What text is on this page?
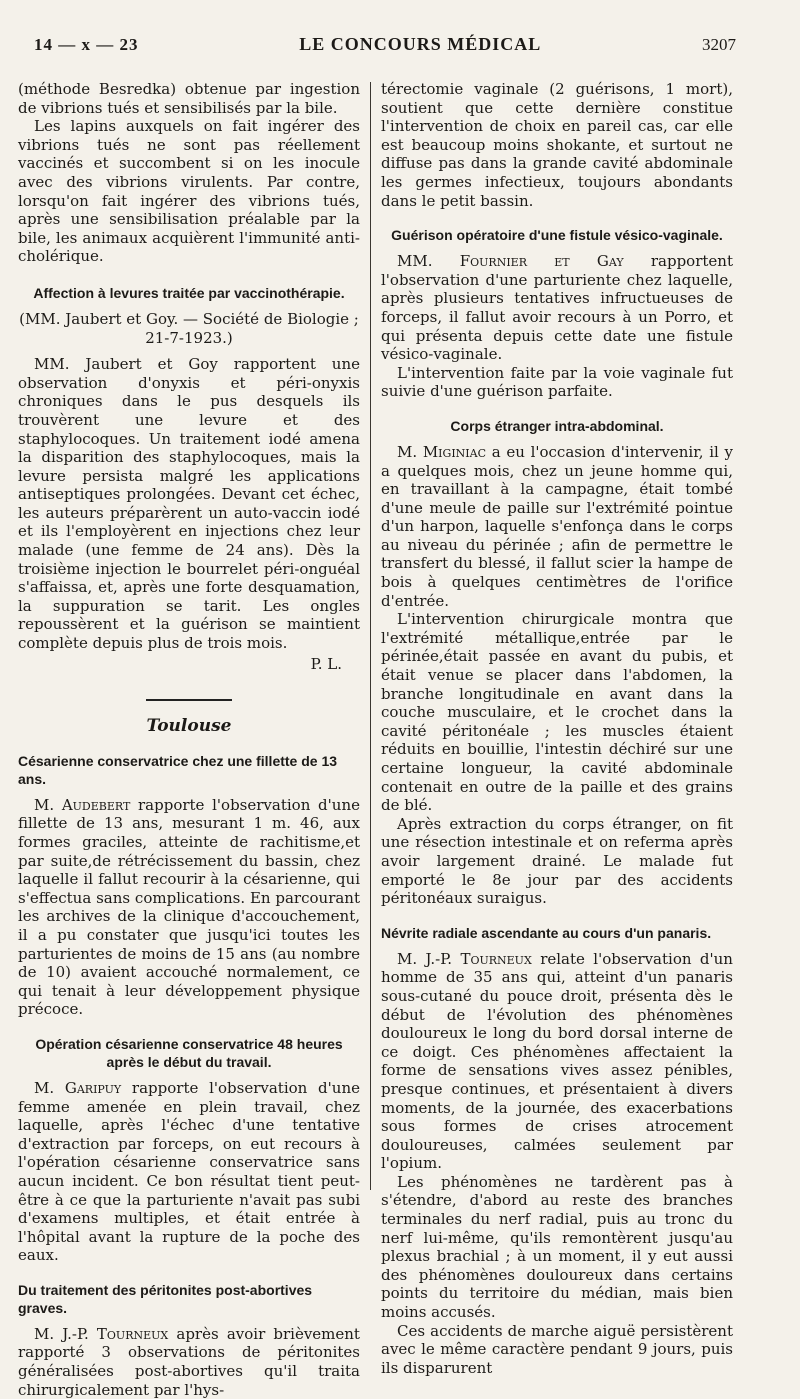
14 — x — 23	LE CONCOURS MÉDICAL	3207

(méthode Besredka) obtenue par ingestion de vibrions tués et sensibilisés par la bile.

Les lapins auxquels on fait ingérer des vibrions tués ne sont pas réellement vaccinés et succombent si on les inocule avec des vibrions virulents. Par contre, lorsqu'on fait ingérer des vibrions tués, après une sensibilisation préalable par la bile, les animaux acquièrent l'immunité anti-cholérique.

Affection à levures traitée par vaccinothérapie.

(MM. Jaubert et Goy. — Société de Biologie ; 21-7-1923.)

MM. Jaubert et Goy rapportent une observation d'onyxis et péri-onyxis chroniques dans le pus desquels ils trouvèrent une levure et des staphylocoques. Un traitement iodé amena la disparition des staphylocoques, mais la levure persista malgré les applications antiseptiques prolongées. Devant cet échec, les auteurs préparèrent un auto-vaccin iodé et ils l'employèrent en injections chez leur malade (une femme de 24 ans). Dès la troisième injection le bourrelet péri-onguéal s'affaissa, et, après une forte desquamation, la suppuration se tarit. Les ongles repoussèrent et la guérison se maintient complète depuis plus de trois mois.

P. L.

Toulouse
Césarienne conservatrice chez une fillette de 13 ans.

M. Audebert rapporte l'observation d'une fillette de 13 ans, mesurant 1 m. 46, aux formes graciles, atteinte de rachitisme,et par suite,de rétrécissement du bassin, chez laquelle il fallut recourir à la césarienne, qui s'effectua sans complications. En parcourant les archives de la clinique d'accouchement, il a pu constater que jusqu'ici toutes les parturientes de moins de 15 ans (au nombre de 10) avaient accouché normalement, ce qui tenait à leur développement physique précoce.

Opération césarienne conservatrice 48 heures après le début du travail.

M. Garipuy rapporte l'observation d'une femme amenée en plein travail, chez laquelle, après l'échec d'une tentative d'extraction par forceps, on eut recours à l'opération césarienne conservatrice sans aucun incident. Ce bon résultat tient peut-être à ce que la parturiente n'avait pas subi d'examens multiples, et était entrée à l'hôpital avant la rupture de la poche des eaux.

Du traitement des péritonites post-abortives graves.

M. J.-P. Tourneux après avoir brièvement rapporté 3 observations de péritonites généralisées post-abortives qu'il traita chirurgicalement par l'hys-

térectomie vaginale (2 guérisons, 1 mort), soutient que cette dernière constitue l'intervention de choix en pareil cas, car elle est beaucoup moins shokante, et surtout ne diffuse pas dans la grande cavité abdominale les germes infectieux, toujours abondants dans le petit bassin.

Guérison opératoire d'une fistule vésico-vaginale.

MM. Fournier et Gay rapportent l'observation d'une parturiente chez laquelle, après plusieurs tentatives infructueuses de forceps, il fallut avoir recours à un Porro, et qui présenta depuis cette date une fistule vésico-vaginale.

L'intervention faite par la voie vaginale fut suivie d'une guérison parfaite.

Corps étranger intra-abdominal.

M. Miginiac a eu l'occasion d'intervenir, il y a quelques mois, chez un jeune homme qui, en travaillant à la campagne, était tombé d'une meule de paille sur l'extrémité pointue d'un harpon, laquelle s'enfonça dans le corps au niveau du périnée ; afin de permettre le transfert du blessé, il fallut scier la hampe de bois à quelques centimètres de l'orifice d'entrée.

L'intervention chirurgicale montra que l'extrémité métallique,entrée par le périnée,était passée en avant du pubis, et était venue se placer dans l'abdomen, la branche longitudinale en avant dans la couche musculaire, et le crochet dans la cavité péritonéale ; les muscles étaient réduits en bouillie, l'intestin déchiré sur une certaine longueur, la cavité abdominale contenait en outre de la paille et des grains de blé.

Après extraction du corps étranger, on fit une résection intestinale et on referma après avoir largement drainé. Le malade fut emporté le 8e jour par des accidents péritonéaux suraigus.

Névrite radiale ascendante au cours d'un panaris.

M. J.-P. Tourneux relate l'observation d'un homme de 35 ans qui, atteint d'un panaris sous-cutané du pouce droit, présenta dès le début de l'évolution des phénomènes douloureux le long du bord dorsal interne de ce doigt. Ces phénomènes affectaient la forme de sensations vives assez pénibles, presque continues, et présentaient à divers moments, de la journée, des exacerbations sous formes de crises atrocement douloureuses, calmées seulement par l'opium.

Les phénomènes ne tardèrent pas à s'étendre, d'abord au reste des branches terminales du nerf radial, puis au tronc du nerf lui-même, qu'ils remontèrent jusqu'au plexus brachial ; à un moment, il y eut aussi des phénomènes douloureux dans certains points du territoire du médian, mais bien moins accusés.

Ces accidents de marche aiguë persistèrent avec le même caractère pendant 9 jours, puis ils disparurent
